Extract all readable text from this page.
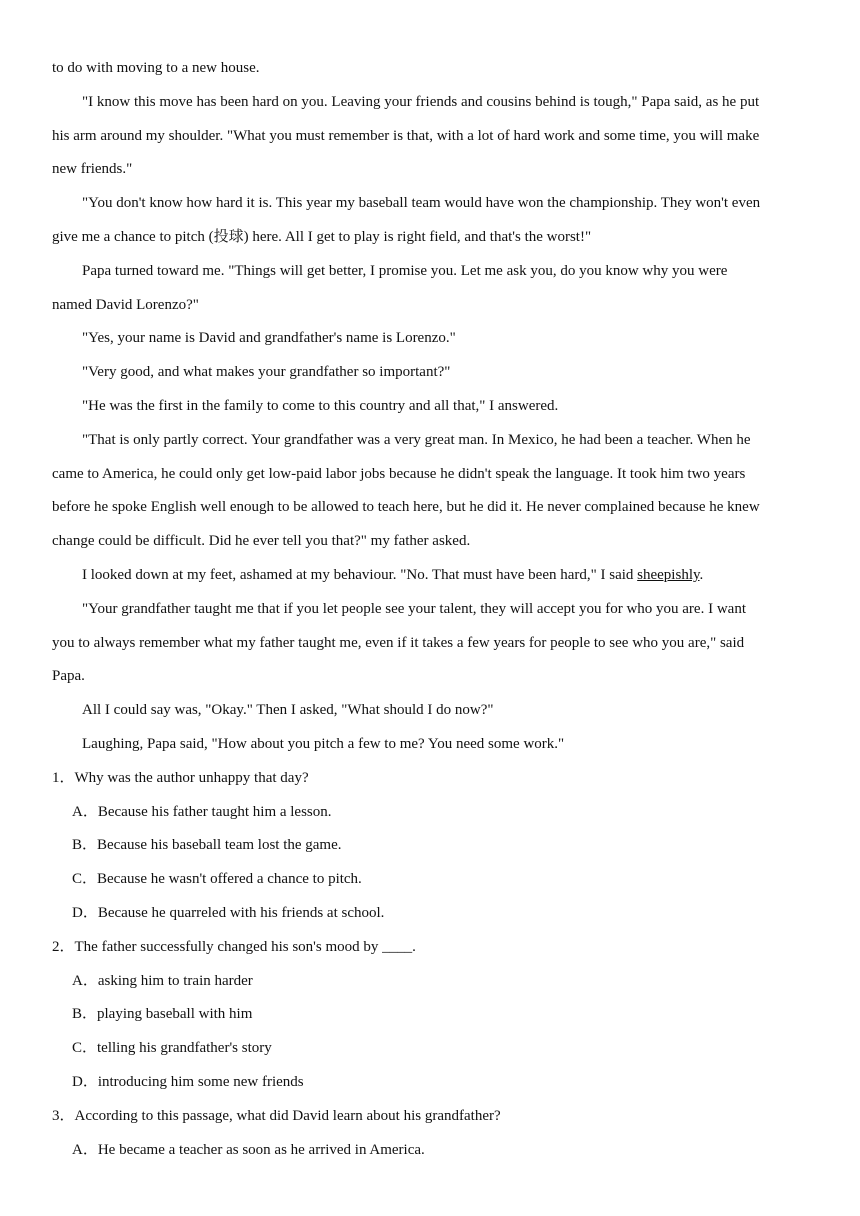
to do with moving to a new house.
"I know this move has been hard on you. Leaving your friends and cousins behind is tough," Papa said, as he put
his arm around my shoulder. "What you must remember is that, with a lot of hard work and some time, you will make
new friends."
"You don't know how hard it is. This year my baseball team would have won the championship. They won't even
give me a chance to pitch (投球) here. All I get to play is right field, and that's the worst!"
Papa turned toward me. "Things will get better, I promise you. Let me ask you, do you know why you were
named David Lorenzo?"
"Yes, your name is David and grandfather's name is Lorenzo."
"Very good, and what makes your grandfather so important?"
"He was the first in the family to come to this country and all that," I answered.
"That is only partly correct. Your grandfather was a very great man. In Mexico, he had been a teacher. When he
came to America, he could only get low-paid labor jobs because he didn't speak the language. It took him two years
before he spoke English well enough to be allowed to teach here, but he did it. He never complained because he knew
change could be difficult. Did he ever tell you that?" my father asked.
I looked down at my feet, ashamed at my behaviour. "No. That must have been hard," I said sheepishly.
"Your grandfather taught me that if you let people see your talent, they will accept you for who you are. I want
you to always remember what my father taught me, even if it takes a few years for people to see who you are," said
Papa.
All I could say was, "Okay." Then I asked, "What should I do now?"
Laughing, Papa said, "How about you pitch a few to me? You need some work."
1．Why was the author unhappy that day?
A．Because his father taught him a lesson.
B．Because his baseball team lost the game.
C．Because he wasn't offered a chance to pitch.
D．Because he quarreled with his friends at school.
2．The father successfully changed his son's mood by ____.
A．asking him to train harder
B．playing baseball with him
C．telling his grandfather's story
D．introducing him some new friends
3．According to this passage, what did David learn about his grandfather?
A．He became a teacher as soon as he arrived in America.
